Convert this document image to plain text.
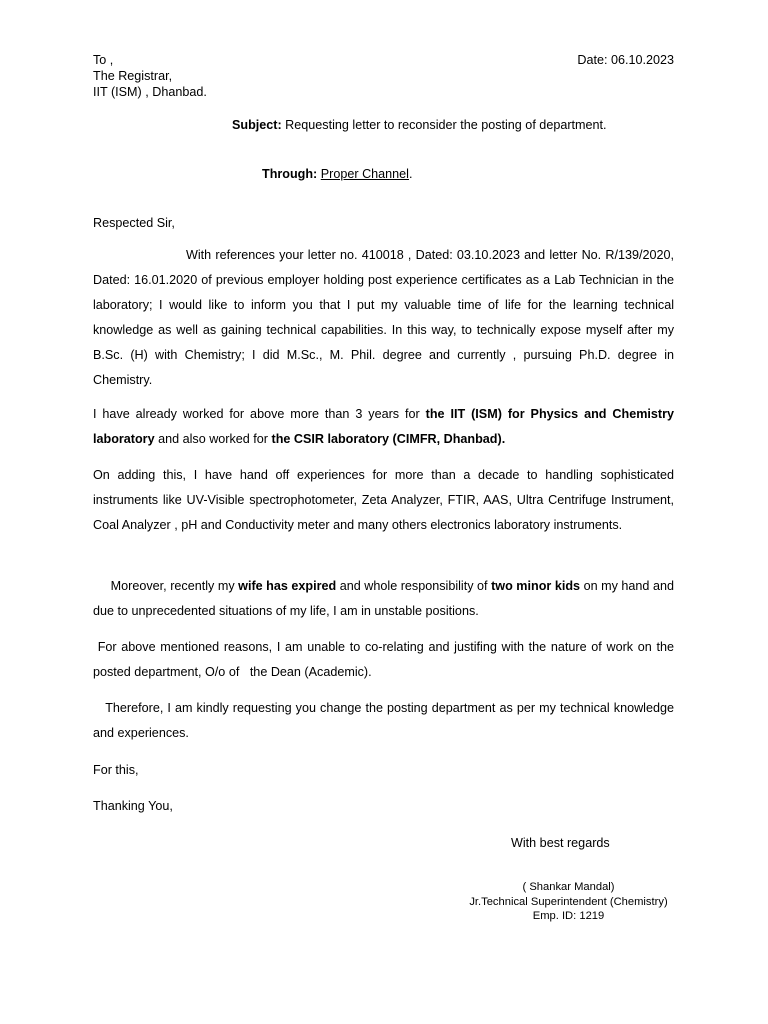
To ,
The Registrar,
IIT (ISM) , Dhanbad.
Date: 06.10.2023
Subject: Requesting letter to reconsider the posting of department.
Through: Proper Channel.
Respected Sir,
With references your letter no. 410018 , Dated: 03.10.2023 and letter No. R/139/2020, Dated: 16.01.2020 of previous employer holding post experience certificates as a Lab Technician in the laboratory; I would like to inform you that I put my valuable time of life for the learning technical knowledge as well as gaining technical capabilities. In this way, to technically expose myself after my B.Sc. (H) with Chemistry; I did M.Sc., M. Phil. degree and currently , pursuing Ph.D. degree in Chemistry.
I have already worked for above more than 3 years for the IIT (ISM) for Physics and Chemistry laboratory and also worked for the CSIR laboratory (CIMFR, Dhanbad).
On adding this, I have hand off experiences for more than a decade to handling sophisticated instruments like UV-Visible spectrophotometer, Zeta Analyzer, FTIR, AAS, Ultra Centrifuge Instrument, Coal Analyzer , pH and Conductivity meter and many others electronics laboratory instruments.
Moreover, recently my wife has expired and whole responsibility of two minor kids on my hand and due to unprecedented situations of my life, I am in unstable positions.
For above mentioned reasons, I am unable to co-relating and justifing with the nature of work on the  posted department, O/o of   the Dean (Academic).
Therefore, I am kindly requesting you change the posting department as per my technical knowledge and experiences.
For this,
Thanking You,
With best regards
( Shankar Mandal)
Jr.Technical Superintendent (Chemistry)
Emp. ID: 1219
